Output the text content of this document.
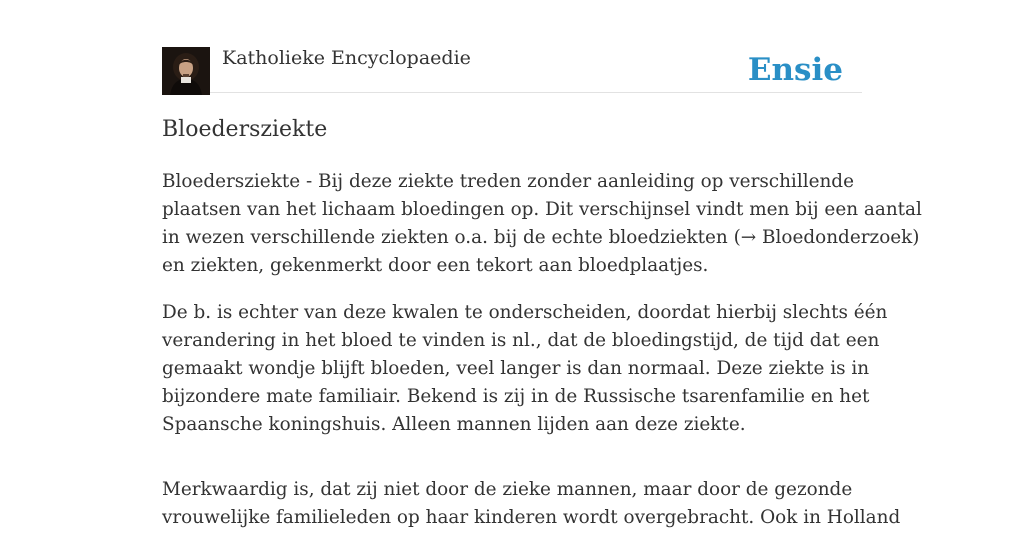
Katholieke Encyclopaedie	Ensie
Bloedersziekte

Bloedersziekte - Bij deze ziekte treden zonder aanleiding op verschillende
plaatsen van het lichaam bloedingen op. Dit verschijnsel vindt men bij een aantal
in wezen verschillende ziekten o.a. bij de echte bloedziekten (→ Bloedonderzoek)
en ziekten, gekenmerkt door een tekort aan bloedplaatjes.

De b. is echter van deze kwalen te onderscheiden, doordat hierbij slechts één
verandering in het bloed te vinden is nl., dat de bloedingstijd, de tijd dat een
gemaakt wondje blijft bloeden, veel langer is dan normaal. Deze ziekte is in
bijzondere mate familiair. Bekend is zij in de Russische tsarenfamilie en het
Spaansche koningshuis. Alleen mannen lijden aan deze ziekte.

Merkwaardig is, dat zij niet door de zieke mannen, maar door de gezonde
vrouwelijke familieleden op haar kinderen wordt overgebracht. Ook in Holland
